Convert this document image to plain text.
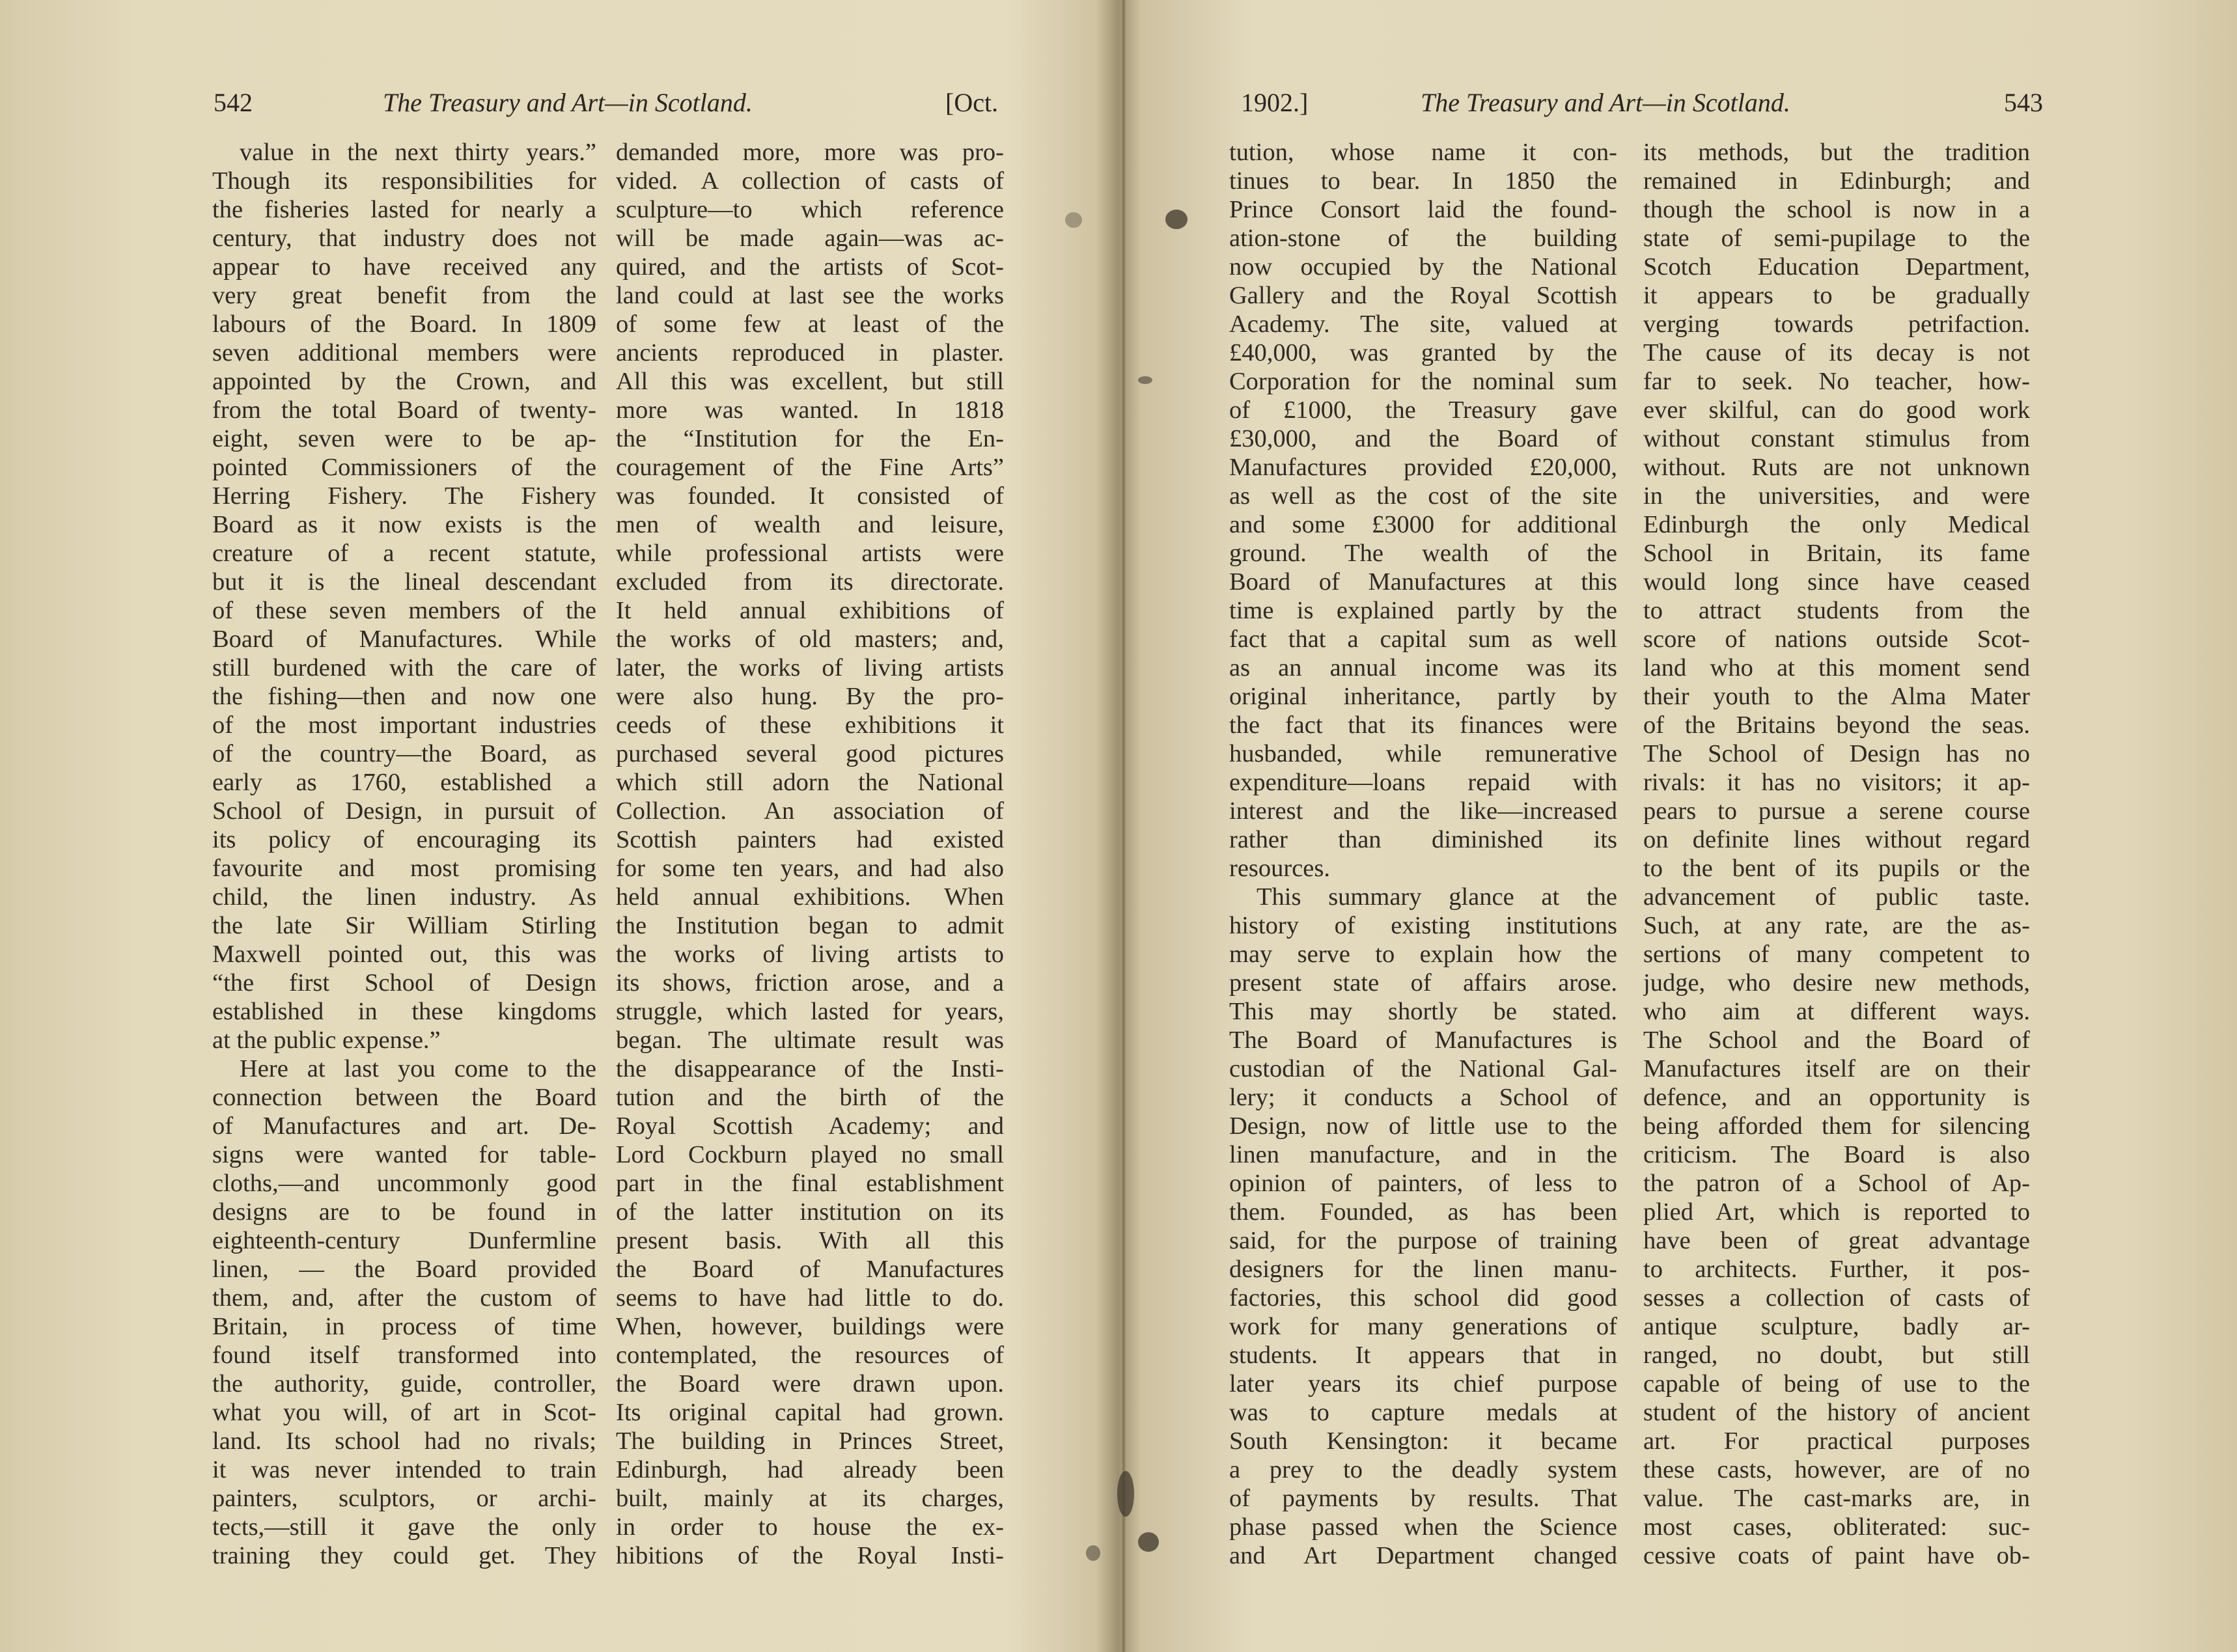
542	The Treasury and Art—in Scotland.	[Oct.
value in the next thirty years.”
Though its responsibilities for
the fisheries lasted for nearly a
century, that industry does not
appear to have received any
very great benefit from the
labours of the Board. In 1809
seven additional members were
appointed by the Crown, and
from the total Board of twenty-
eight, seven were to be ap-
pointed Commissioners of the
Herring Fishery. The Fishery
Board as it now exists is the
creature of a recent statute,
but it is the lineal descendant
of these seven members of the
Board of Manufactures. While
still burdened with the care of
the fishing—then and now one
of the most important industries
of the country—the Board, as
early as 1760, established a
School of Design, in pursuit of
its policy of encouraging its
favourite and most promising
child, the linen industry. As
the late Sir William Stirling
Maxwell pointed out, this was
“the first School of Design
established in these kingdoms
at the public expense.”
Here at last you come to the
connection between the Board
of Manufactures and art. De-
signs were wanted for table-
cloths,—and uncommonly good
designs are to be found in
eighteenth-century Dunfermline
linen, — the Board provided
them, and, after the custom of
Britain, in process of time
found itself transformed into
the authority, guide, controller,
what you will, of art in Scot-
land. Its school had no rivals;
it was never intended to train
painters, sculptors, or archi-
tects,—still it gave the only
training they could get. They
demanded more, more was pro-
vided. A collection of casts of
sculpture—to which reference
will be made again—was ac-
quired, and the artists of Scot-
land could at last see the works
of some few at least of the
ancients reproduced in plaster.
All this was excellent, but still
more was wanted. In 1818
the “Institution for the En-
couragement of the Fine Arts”
was founded. It consisted of
men of wealth and leisure,
while professional artists were
excluded from its directorate.
It held annual exhibitions of
the works of old masters; and,
later, the works of living artists
were also hung. By the pro-
ceeds of these exhibitions it
purchased several good pictures
which still adorn the National
Collection. An association of
Scottish painters had existed
for some ten years, and had also
held annual exhibitions. When
the Institution began to admit
the works of living artists to
its shows, friction arose, and a
struggle, which lasted for years,
began. The ultimate result was
the disappearance of the Insti-
tution and the birth of the
Royal Scottish Academy; and
Lord Cockburn played no small
part in the final establishment
of the latter institution on its
present basis. With all this
the Board of Manufactures
seems to have had little to do.
When, however, buildings were
contemplated, the resources of
the Board were drawn upon.
Its original capital had grown.
The building in Princes Street,
Edinburgh, had already been
built, mainly at its charges,
in order to house the ex-
hibitions of the Royal Insti-
1902.]	The Treasury and Art—in Scotland.	543
tution, whose name it con-
tinues to bear. In 1850 the
Prince Consort laid the found-
ation-stone of the building
now occupied by the National
Gallery and the Royal Scottish
Academy. The site, valued at
£40,000, was granted by the
Corporation for the nominal sum
of £1000, the Treasury gave
£30,000, and the Board of
Manufactures provided £20,000,
as well as the cost of the site
and some £3000 for additional
ground. The wealth of the
Board of Manufactures at this
time is explained partly by the
fact that a capital sum as well
as an annual income was its
original inheritance, partly by
the fact that its finances were
husbanded, while remunerative
expenditure—loans repaid with
interest and the like—increased
rather than diminished its
resources.
This summary glance at the
history of existing institutions
may serve to explain how the
present state of affairs arose.
This may shortly be stated.
The Board of Manufactures is
custodian of the National Gal-
lery; it conducts a School of
Design, now of little use to the
linen manufacture, and in the
opinion of painters, of less to
them. Founded, as has been
said, for the purpose of training
designers for the linen manu-
factories, this school did good
work for many generations of
students. It appears that in
later years its chief purpose
was to capture medals at
South Kensington: it became
a prey to the deadly system
of payments by results. That
phase passed when the Science
and Art Department changed
its methods, but the tradition
remained in Edinburgh; and
though the school is now in a
state of semi-pupilage to the
Scotch Education Department,
it appears to be gradually
verging towards petrifaction.
The cause of its decay is not
far to seek. No teacher, how-
ever skilful, can do good work
without constant stimulus from
without. Ruts are not unknown
in the universities, and were
Edinburgh the only Medical
School in Britain, its fame
would long since have ceased
to attract students from the
score of nations outside Scot-
land who at this moment send
their youth to the Alma Mater
of the Britains beyond the seas.
The School of Design has no
rivals: it has no visitors; it ap-
pears to pursue a serene course
on definite lines without regard
to the bent of its pupils or the
advancement of public taste.
Such, at any rate, are the as-
sertions of many competent to
judge, who desire new methods,
who aim at different ways.
The School and the Board of
Manufactures itself are on their
defence, and an opportunity is
being afforded them for silencing
criticism. The Board is also
the patron of a School of Ap-
plied Art, which is reported to
have been of great advantage
to architects. Further, it pos-
sesses a collection of casts of
antique sculpture, badly ar-
ranged, no doubt, but still
capable of being of use to the
student of the history of ancient
art. For practical purposes
these casts, however, are of no
value. The cast-marks are, in
most cases, obliterated: suc-
cessive coats of paint have ob-
